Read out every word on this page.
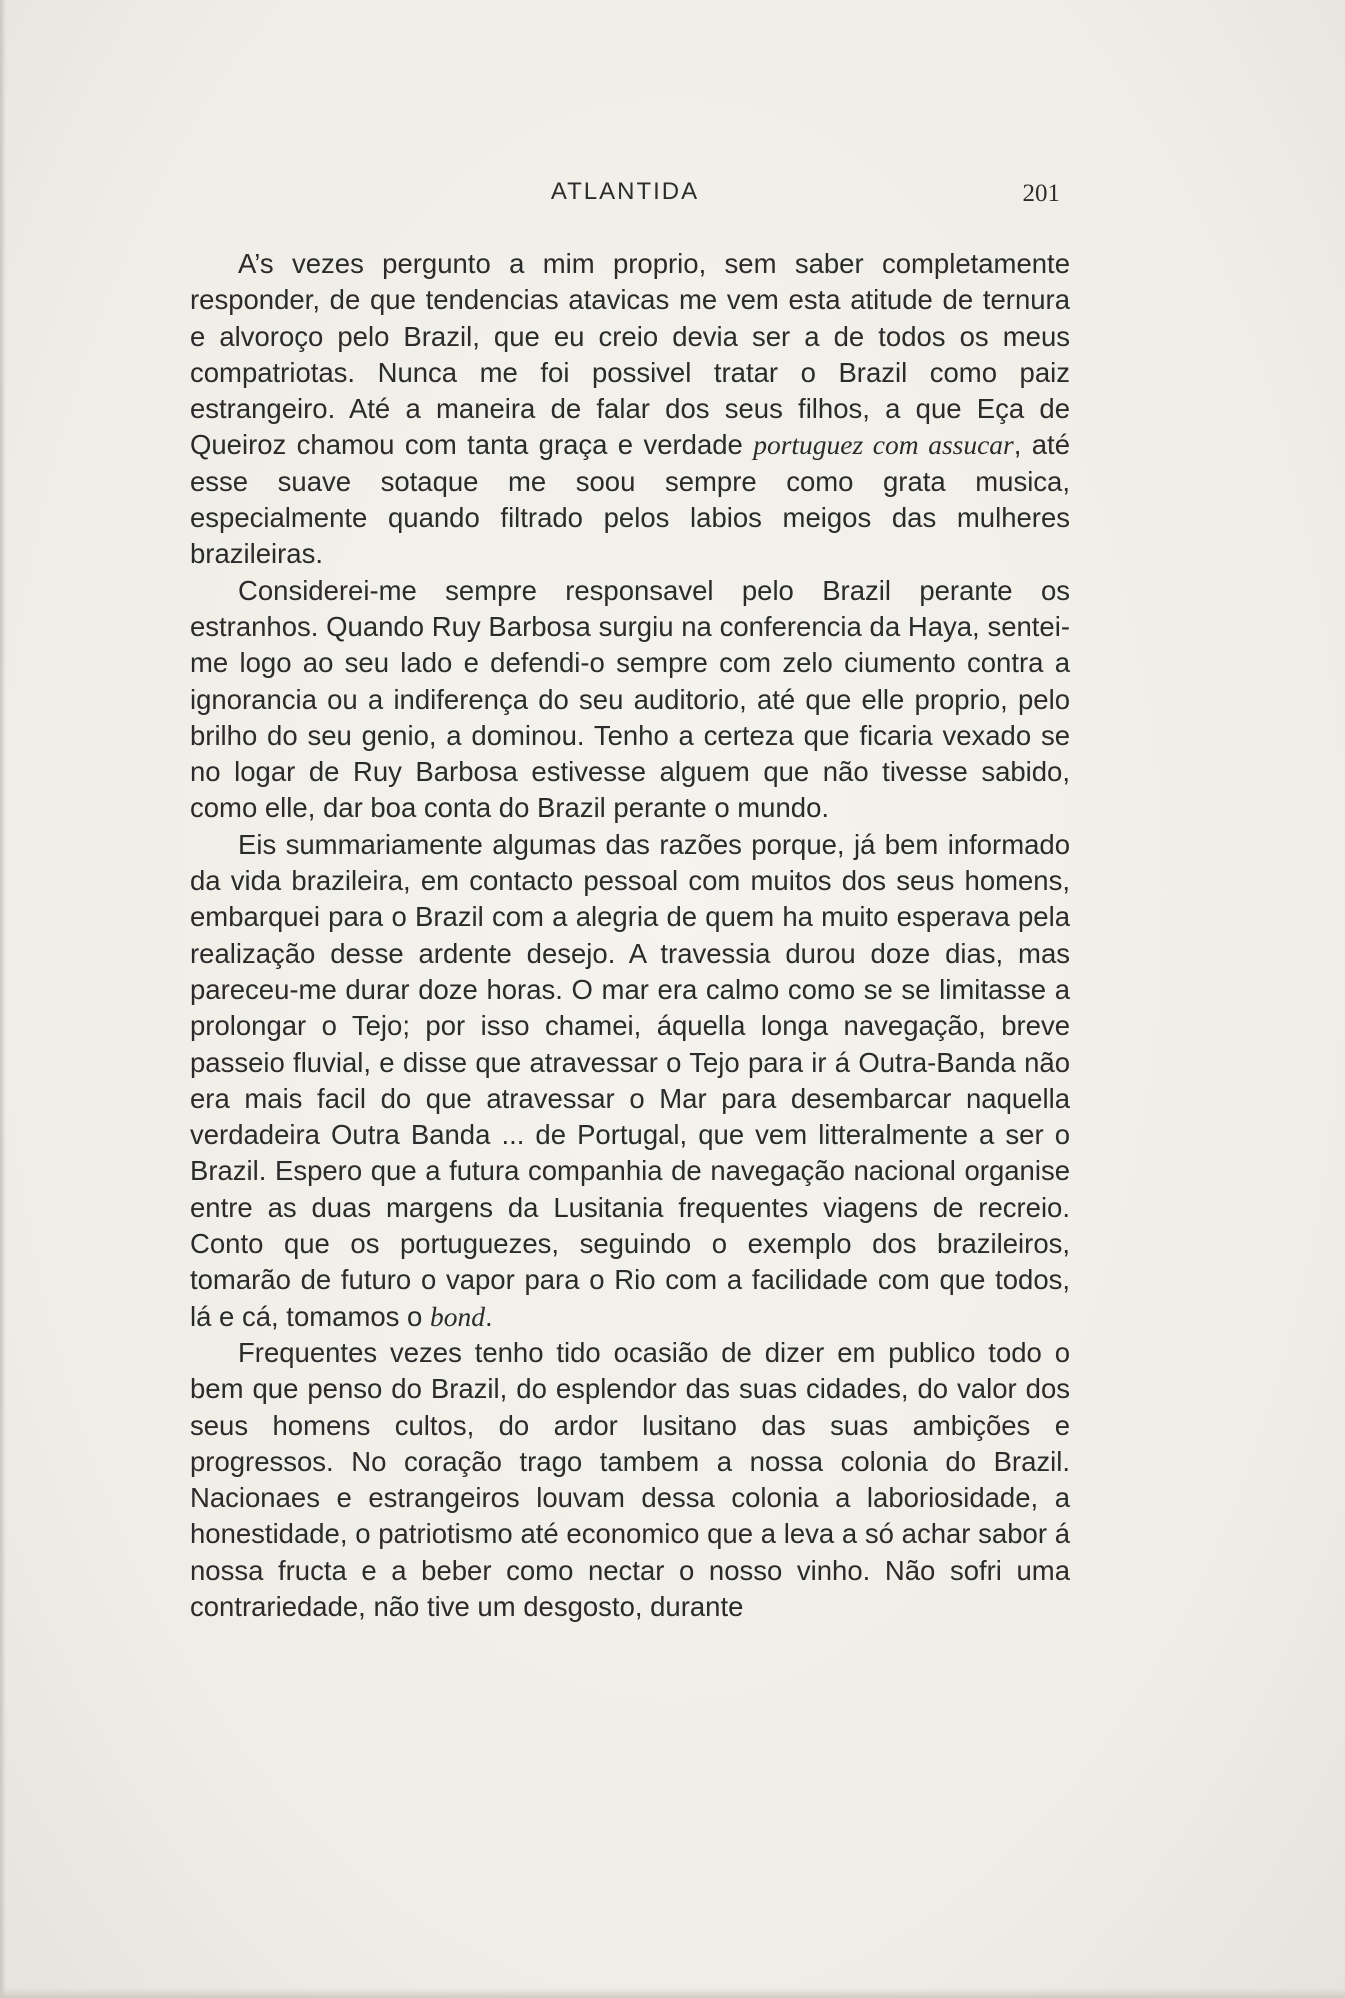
ATLANTIDA	201

A’s vezes pergunto a mim proprio, sem saber completamente responder, de que tendencias atavicas me vem esta atitude de ternura e alvoroço pelo Brazil, que eu creio devia ser a de todos os meus compatriotas. Nunca me foi possivel tratar o Brazil como paiz estrangeiro. Até a maneira de falar dos seus filhos, a que Eça de Queiroz chamou com tanta graça e verdade portuguez com assucar, até esse suave sotaque me soou sempre como grata musica, especialmente quando filtrado pelos labios meigos das mulheres brazileiras.

Considerei-me sempre responsavel pelo Brazil perante os estranhos. Quando Ruy Barbosa surgiu na conferencia da Haya, sentei-me logo ao seu lado e defendi-o sempre com zelo ciumento contra a ignorancia ou a indiferença do seu auditorio, até que elle proprio, pelo brilho do seu genio, a dominou. Tenho a certeza que ficaria vexado se no logar de Ruy Barbosa estivesse alguem que não tivesse sabido, como elle, dar boa conta do Brazil perante o mundo.

Eis summariamente algumas das razões porque, já bem informado da vida brazileira, em contacto pessoal com muitos dos seus homens, embarquei para o Brazil com a alegria de quem ha muito esperava pela realização desse ardente desejo. A travessia durou doze dias, mas pareceu-me durar doze horas. O mar era calmo como se se limitasse a prolongar o Tejo; por isso chamei, áquella longa navegação, breve passeio fluvial, e disse que atravessar o Tejo para ir á Outra-Banda não era mais facil do que atravessar o Mar para desembarcar naquella verdadeira Outra Banda ... de Portugal, que vem litteralmente a ser o Brazil. Espero que a futura companhia de navegação nacional organise entre as duas margens da Lusitania frequentes viagens de recreio. Conto que os portuguezes, seguindo o exemplo dos brazileiros, tomarão de futuro o vapor para o Rio com a facilidade com que todos, lá e cá, tomamos o bond.

Frequentes vezes tenho tido ocasião de dizer em publico todo o bem que penso do Brazil, do esplendor das suas cidades, do valor dos seus homens cultos, do ardor lusitano das suas ambições e progressos. No coração trago tambem a nossa colonia do Brazil. Nacionaes e estrangeiros louvam dessa colonia a laboriosidade, a honestidade, o patriotismo até economico que a leva a só achar sabor á nossa fructa e a beber como nectar o nosso vinho. Não sofri uma contrariedade, não tive um desgosto, durante
